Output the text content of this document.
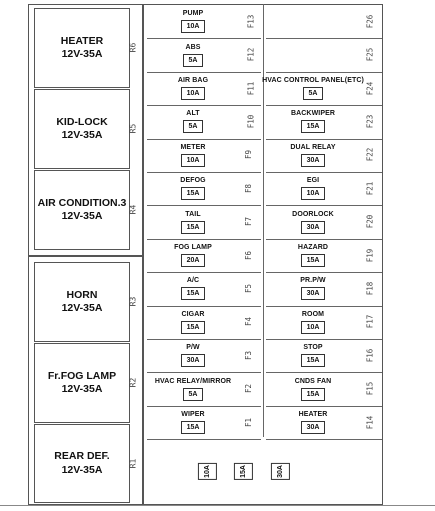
HEATER
12V-35A
R6
KID-LOCK
12V-35A
R5
AIR CONDITION.3
12V-35A
R4
HORN
12V-35A
R3
Fr.FOG LAMP
12V-35A
R2
REAR DEF.
12V-35A
R1
PUMP
10A	F13
ABS
5A	F12
AIR BAG
10A	F11
ALT
5A	F10
METER
10A
F9
DEFOG
15A
F8
TAIL
15A
F7
FOG LAMP
20A
F6
A/C
15A
F5
CIGAR
15A
F4
P/W
30A
F3
HVAC RELAY/MIRROR
5A
F2
WIPER
15A
F1
F26
F25
HVAC CONTROL PANEL(ETC)
5A	F24
BACKWIPER
15A	F23
DUAL RELAY
30A	F22
EGI
10A	F21
DOORLOCK
30A	F20
HAZARD
15A	F19
PR.P/W
30A	F18
ROOM
10A	F17
STOP
15A	F16
CNDS FAN
15A	F15
HEATER
30A	F14
10A	15A	30A
